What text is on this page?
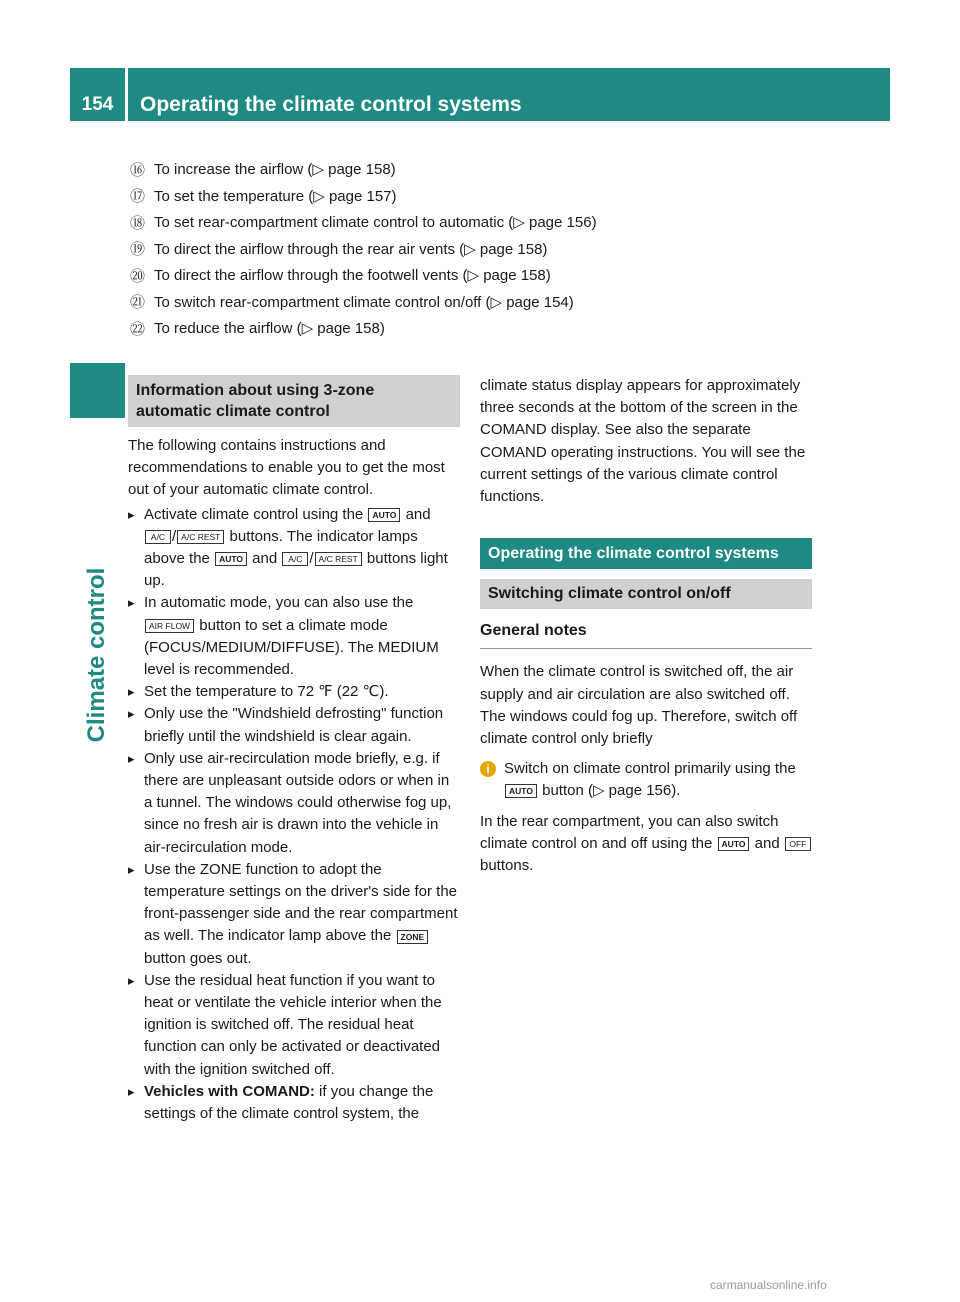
154	Operating the climate control systems
Climate control
⑯ To increase the airflow (▷ page 158)
⑰ To set the temperature (▷ page 157)
⑱ To set rear-compartment climate control to automatic (▷ page 156)
⑲ To direct the airflow through the rear air vents (▷ page 158)
⑳ To direct the airflow through the footwell vents (▷ page 158)
㉑ To switch rear-compartment climate control on/off (▷ page 154)
㉒ To reduce the airflow (▷ page 158)
Information about using 3-zone automatic climate control

The following contains instructions and recommendations to enable you to get the most out of your automatic climate control.

▸ Activate climate control using the AUTO and A/C / A/C REST buttons. The indicator lamps above the AUTO and A/C / A/C REST buttons light up.
▸ In automatic mode, you can also use the AIR FLOW button to set a climate mode (FOCUS/MEDIUM/DIFFUSE). The MEDIUM level is recommended.
▸ Set the temperature to 72 ℉ (22 ℃).
▸ Only use the "Windshield defrosting" function briefly until the windshield is clear again.
▸ Only use air-recirculation mode briefly, e.g. if there are unpleasant outside odors or when in a tunnel. The windows could otherwise fog up, since no fresh air is drawn into the vehicle in air-recirculation mode.
▸ Use the ZONE function to adopt the temperature settings on the driver's side for the front-passenger side and the rear compartment as well. The indicator lamp above the ZONE button goes out.
▸ Use the residual heat function if you want to heat or ventilate the vehicle interior when the ignition is switched off. The residual heat function can only be activated or deactivated with the ignition switched off.
▸ Vehicles with COMAND: if you change the settings of the climate control system, the

climate status display appears for approximately three seconds at the bottom of the screen in the COMAND display. See also the separate COMAND operating instructions. You will see the current settings of the various climate control functions.

Operating the climate control systems
Switching climate control on/off
General notes

When the climate control is switched off, the air supply and air circulation are also switched off. The windows could fog up. Therefore, switch off climate control only briefly

i Switch on climate control primarily using the AUTO button (▷ page 156).

In the rear compartment, you can also switch climate control on and off using the AUTO and OFF buttons.

carmanualsonline.info
